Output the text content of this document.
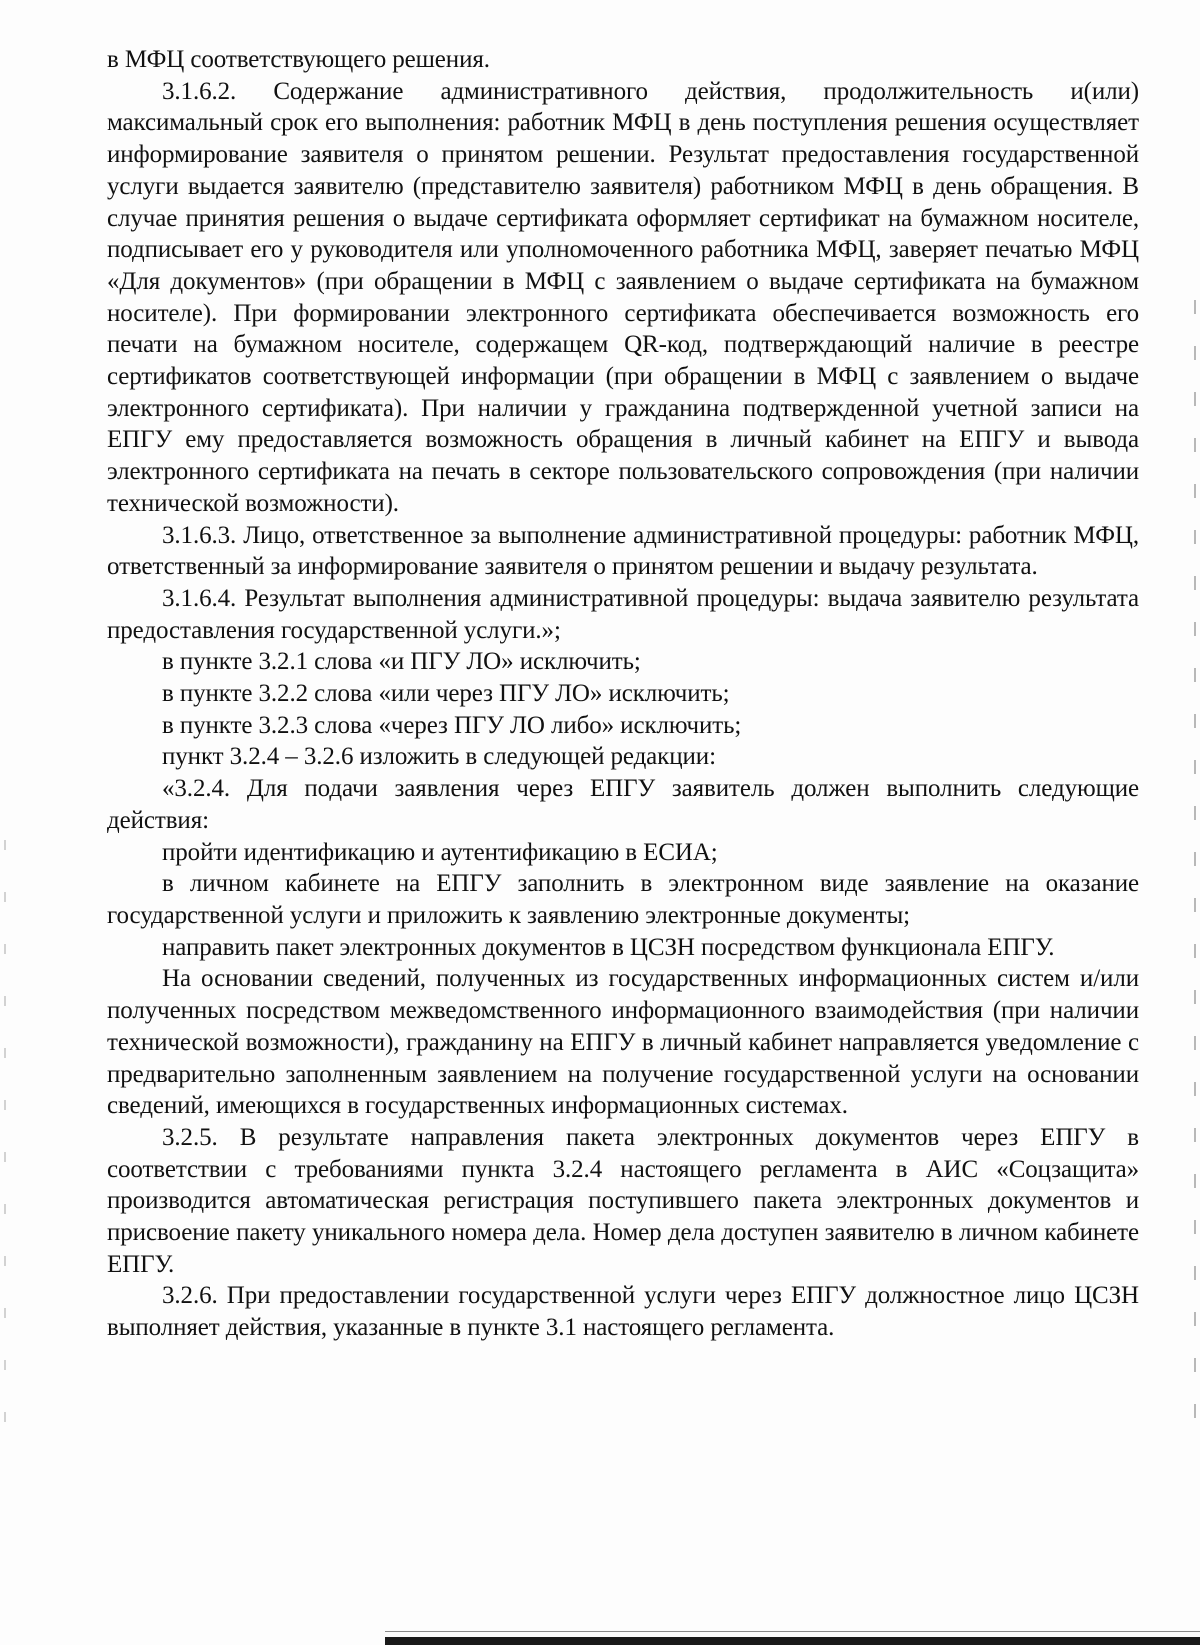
в МФЦ соответствующего решения.

3.1.6.2. Содержание административного действия, продолжительность и(или) максимальный срок его выполнения: работник МФЦ в день поступления решения осуществляет информирование заявителя о принятом решении. Результат предоставления государственной услуги выдается заявителю (представителю заявителя) работником МФЦ в день обращения. В случае принятия решения о выдаче сертификата оформляет сертификат на бумажном носителе, подписывает его у руководителя или уполномоченного работника МФЦ, заверяет печатью МФЦ «Для документов» (при обращении в МФЦ с заявлением о выдаче сертификата на бумажном носителе). При формировании электронного сертификата обеспечивается возможность его печати на бумажном носителе, содержащем QR-код, подтверждающий наличие в реестре сертификатов соответствующей информации (при обращении в МФЦ с заявлением о выдаче электронного сертификата). При наличии у гражданина подтвержденной учетной записи на ЕПГУ ему предоставляется возможность обращения в личный кабинет на ЕПГУ и вывода электронного сертификата на печать в секторе пользовательского сопровождения (при наличии технической возможности).

3.1.6.3. Лицо, ответственное за выполнение административной процедуры: работник МФЦ, ответственный за информирование заявителя о принятом решении и выдачу результата.

3.1.6.4. Результат выполнения административной процедуры: выдача заявителю результата предоставления государственной услуги.»;

в пункте 3.2.1 слова «и ПГУ ЛО» исключить;

в пункте 3.2.2 слова «или через ПГУ ЛО» исключить;

в пункте 3.2.3 слова «через ПГУ ЛО либо» исключить;

пункт 3.2.4 – 3.2.6 изложить в следующей редакции:

«3.2.4. Для подачи заявления через ЕПГУ заявитель должен выполнить следующие действия:

пройти идентификацию и аутентификацию в ЕСИА;

в личном кабинете на ЕПГУ заполнить в электронном виде заявление на оказание государственной услуги и приложить к заявлению электронные документы;

направить пакет электронных документов в ЦСЗН посредством функционала ЕПГУ.

На основании сведений, полученных из государственных информационных систем и/или полученных посредством межведомственного информационного взаимодействия (при наличии технической возможности), гражданину на ЕПГУ в личный кабинет направляется уведомление с предварительно заполненным заявлением на получение государственной услуги на основании сведений, имеющихся в государственных информационных системах.

3.2.5. В результате направления пакета электронных документов через ЕПГУ в соответствии с требованиями пункта 3.2.4 настоящего регламента в АИС «Соцзащита» производится автоматическая регистрация поступившего пакета электронных документов и присвоение пакету уникального номера дела. Номер дела доступен заявителю в личном кабинете ЕПГУ.

3.2.6. При предоставлении государственной услуги через ЕПГУ должностное лицо ЦСЗН выполняет действия, указанные в пункте 3.1 настоящего регламента.
